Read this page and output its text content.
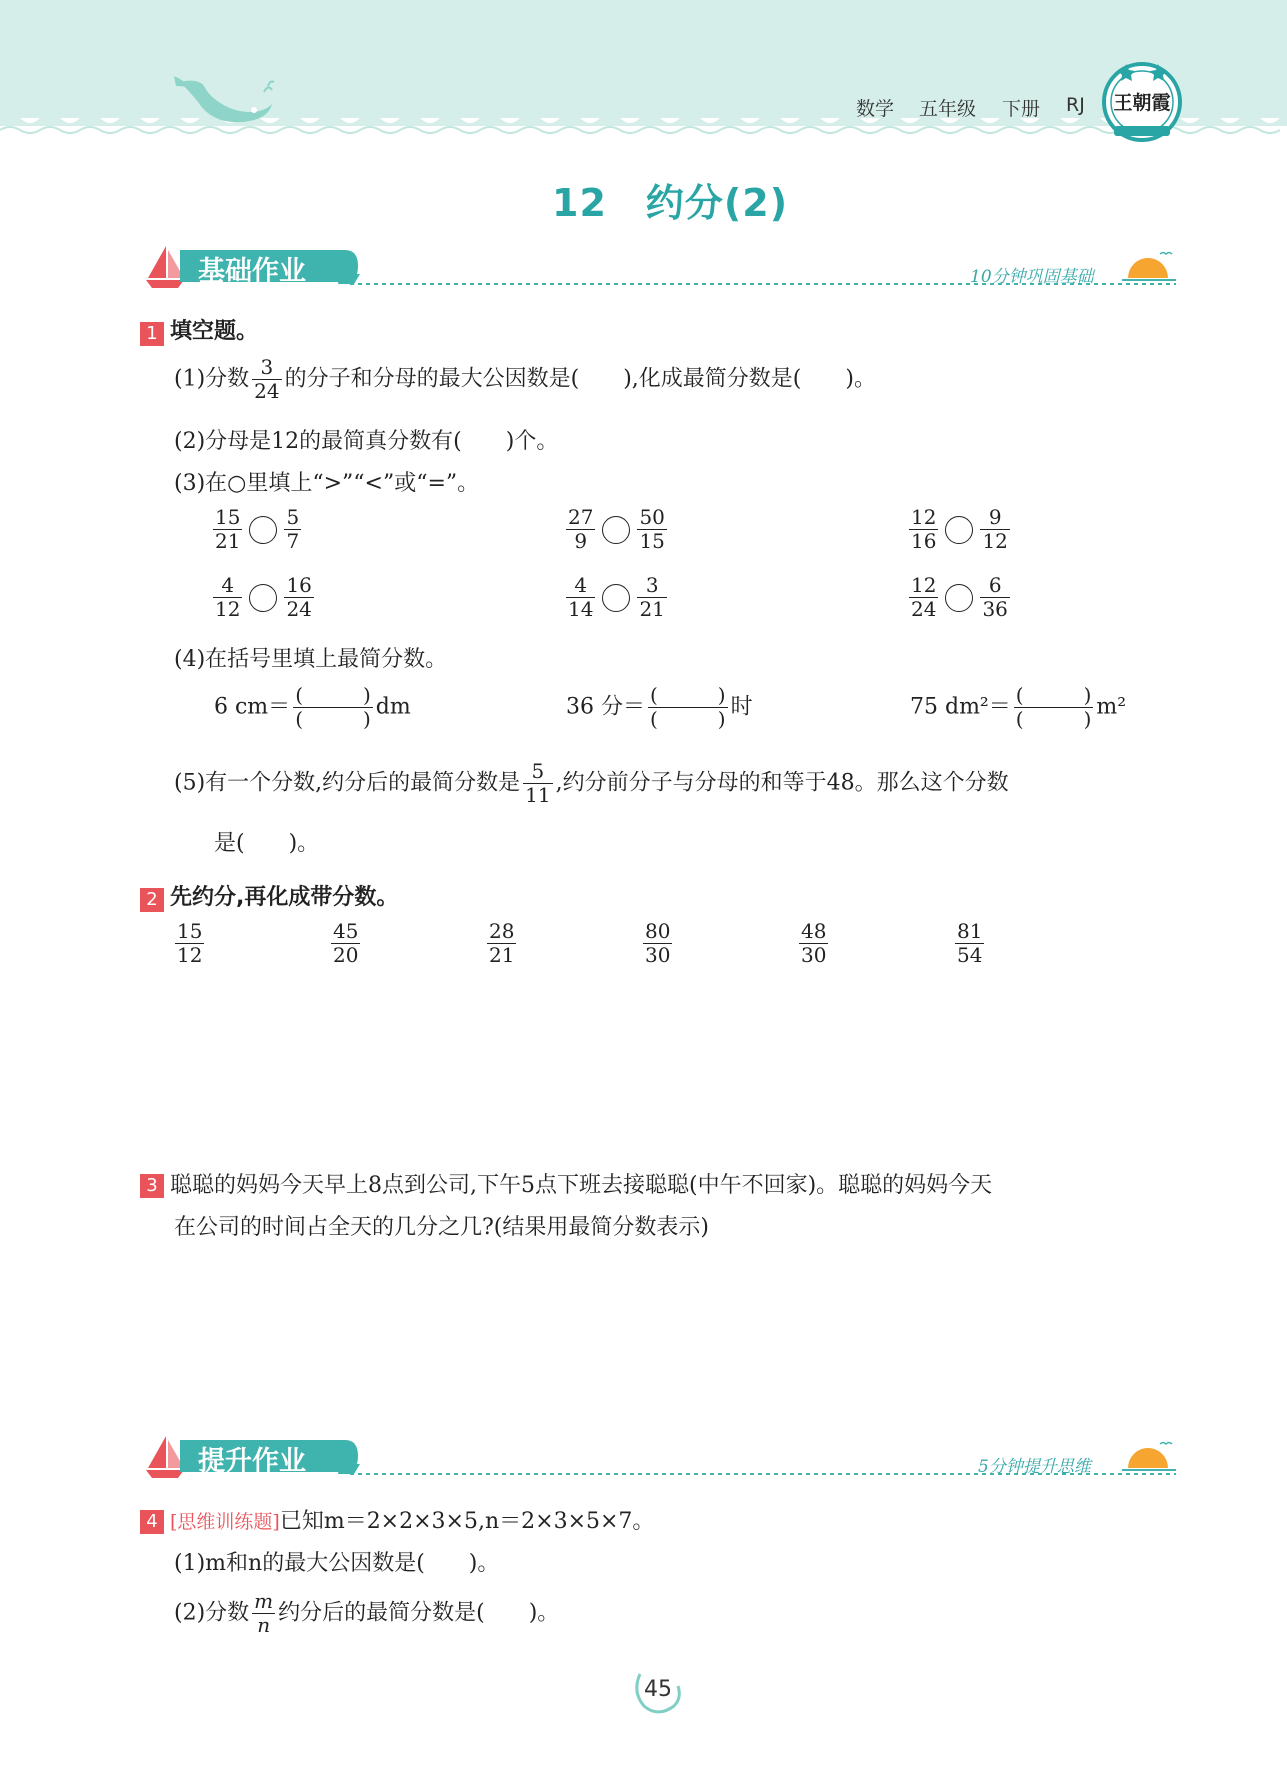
数学 五年级 下册 RJ 王朝霞
12　约分(2)
基础作业	10分钟巩固基础
1 填空题。
(1)分数 $\frac{3}{24}$ 的分子和分母的最大公因数是(　　),化成最简分数是(　　)。
(2)分母是12的最简真分数有(　　)个。
(3)在○里填上“>”“<”或“=”。
$\frac{15}{21} \frac{5}{7}$	$\frac{27}{9} \frac{50}{15}$	$\frac{12}{16} \frac{9}{12}$
$\frac{4}{12} \frac{16}{24}$	$\frac{4}{14} \frac{3}{21}$	$\frac{12}{24} \frac{6}{36}$
(4)在括号里填上最简分数。
6 $cm= \frac{( )}{( )}$ dm	36 分＝ $\frac{( )}{( )}$ 时	75 $dm^2= \frac{( )}{( )} m^2$
(5)有一个分数,约分后的最简分数是 $\frac{5}{11}$ ,约分前分子与分母的和等于48。那么这个分数
是(　　)。
2 先约分,再化成带分数。
$\frac{15}{12}$	$\frac{45}{20}$	$\frac{28}{21}$	$\frac{80}{30}$	$\frac{48}{30}$	$\frac{81}{54}$
3 聪聪的妈妈今天早上8点到公司,下午5点下班去接聪聪(中午不回家)。聪聪的妈妈今天
在公司的时间占全天的几分之几?(结果用最简分数表示)
提升作业	5分钟提升思维
4 [思维训练题]已知m＝2×2×3×5,n＝2×3×5×7。
(1)m和n的最大公因数是(　　)。
(2)分数 $\frac{m}{n}$ 约分后的最简分数是(　　)。
45
